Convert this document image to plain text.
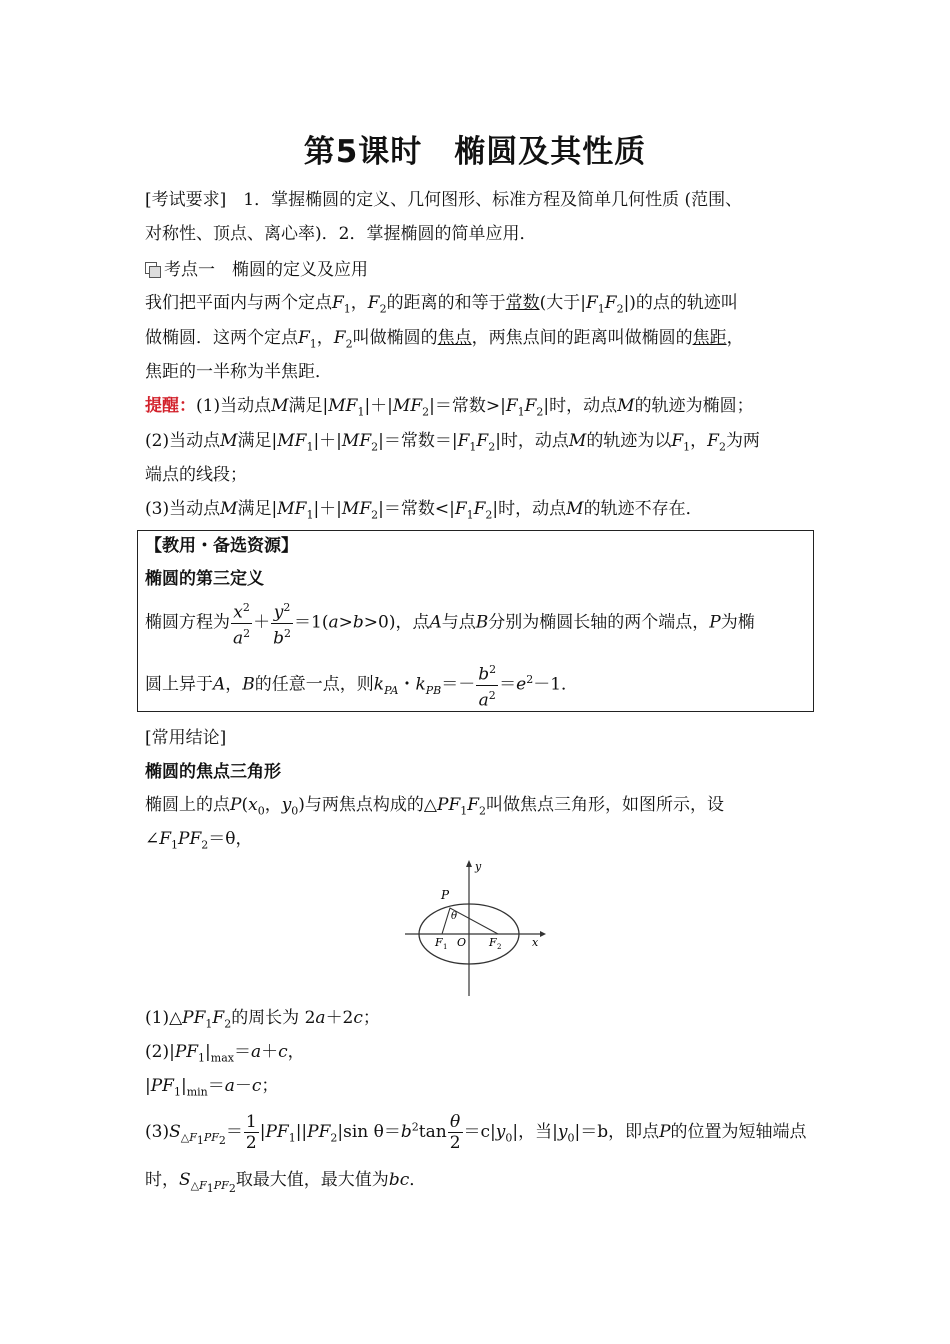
第5课时　椭圆及其性质
[考试要求]　1．掌握椭圆的定义、几何图形、标准方程及简单几何性质 (范围、
对称性、顶点、离心率)．2．掌握椭圆的简单应用．
考点一　椭圆的定义及应用
我们把平面内与两个定点$F_1$，$F_2$的距离的和等于常数(大于$|F_1F_2|$)的点的轨迹叫
做椭圆．这两个定点$F_1$，$F_2$叫做椭圆的焦点，两焦点间的距离叫做椭圆的焦距，
焦距的一半称为半焦距．
提醒：(1)当动点M满足$|MF_1|+|MF_2|=$常数$>|F_1F_2|$时，动点M的轨迹为椭圆；
(2)当动点M满足$|MF_1|+|MF_2|=$常数$=|F_1F_2|$时，动点M的轨迹为以$F_1$，$F_2$为两
端点的线段；
(3)当动点M满足$|MF_1|+|MF_2|=$常数$<|F_1F_2|$时，动点M的轨迹不存在．
【教用・备选资源】
椭圆的第三定义
椭圆方程为 $\frac{x^2}{a^2} + \frac{y^2}{b^2} =1(a>b>0)$，点A与点B分别为椭圆长轴的两个端点，P为椭
圆上异于A，B的任意一点，则$k_{PA}$・$k_{PB}=- \frac{b^2}{a^2} =e^2-1$．
[常用结论]
椭圆的焦点三角形
椭圆上的点$P(x_0$，$y_0$)与两焦点构成的$\triangle PF_1F_2$叫做焦点三角形，如图所示，设
$\angle F_1PF_2=\theta$，
P
θ
F 1 O F 2	x
y
$(1)\triangle PF_1F_2$的周长为 2a＋2c；
$(2)|PF_1|_{max}=a+c$，
$|PF_1|_{min}=a-c$；
$(3)S_{\triangle F_1PF_2}= \frac{1}{2} |PF_1||PF_2|\sin$ $\theta=b^2\tan \frac{\theta}{2} =c|y_0|$，当$|y_0|=b$，即点P的位置为短轴端点
时，$S_{\triangle F_1PF_2}$取最大值，最大值为bc．
